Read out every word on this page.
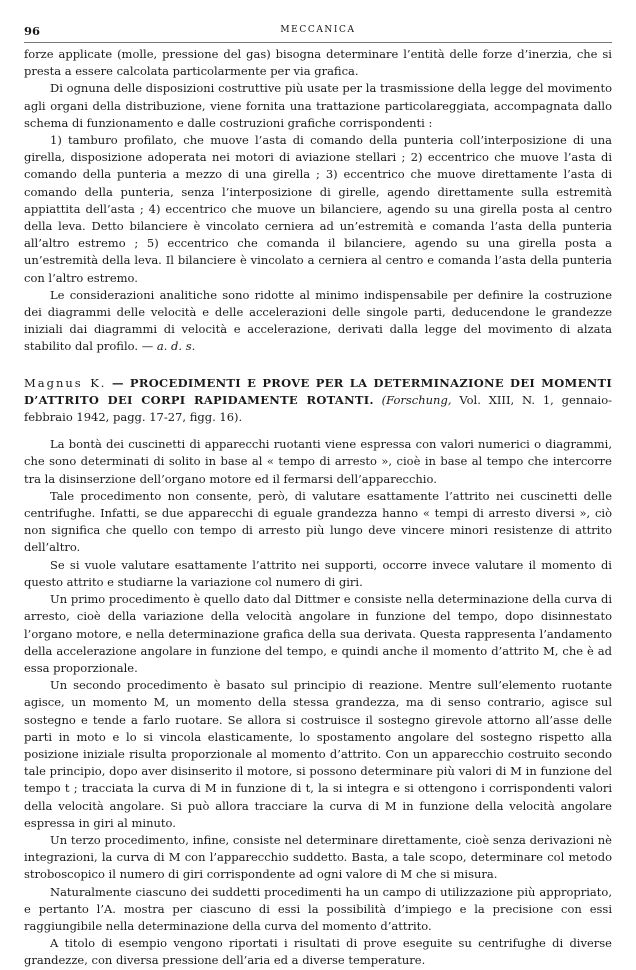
96	MECCANICA

forze applicate (molle, pressione del gas) bisogna determinare l’entità delle forze d’inerzia, che si presta a essere calcolata particolarmente per via grafica.

Di ognuna delle disposizioni costruttive più usate per la trasmissione della legge del movimento agli organi della distribuzione, viene fornita una trattazione particolareggiata, accompagnata dallo schema di funzionamento e dalle costruzioni grafiche corrispondenti :

1) tamburo profilato, che muove l’asta di comando della punteria coll’interposizione di una girella, disposizione adoperata nei motori di aviazione stellari ; 2) eccentrico che muove l’asta di comando della punteria a mezzo di una girella ; 3) eccentrico che muove direttamente l’asta di comando della punteria, senza l’interposizione di girelle, agendo direttamente sulla estremità appiattita dell’asta ; 4) eccentrico che muove un bilanciere, agendo su una girella posta al centro della leva. Detto bilanciere è vincolato cerniera ad un’estremità e comanda l’asta della punteria all’altro estremo ; 5) eccentrico che comanda il bilanciere, agendo su una girella posta a un’estremità della leva. Il bilanciere è vincolato a cerniera al centro e comanda l’asta della punteria con l’altro estremo.

Le considerazioni analitiche sono ridotte al minimo indispensabile per definire la costruzione dei diagrammi delle velocità e delle accelerazioni delle singole parti, deducendone le grandezze iniziali dai diagrammi di velocità e accelerazione, derivati dalla legge del movimento di alzata stabilito dal profilo. — a. d. s.

Magnus K. — PROCEDIMENTI E PROVE PER LA DETERMINAZIONE DEI MOMENTI D’ATTRITO DEI CORPI RAPIDAMENTE ROTANTI. (Forschung, Vol. XIII, N. 1, gennaio-febbraio 1942, pagg. 17-27, figg. 16).

La bontà dei cuscinetti di apparecchi ruotanti viene espressa con valori numerici o diagrammi, che sono determinati di solito in base al « tempo di arresto », cioè in base al tempo che intercorre tra la disinserzione dell’organo motore ed il fermarsi dell’apparecchio.

Tale procedimento non consente, però, di valutare esattamente l’attrito nei cuscinetti delle centrifughe. Infatti, se due apparecchi di eguale grandezza hanno « tempi di arresto diversi », ciò non significa che quello con tempo di arresto più lungo deve vincere minori resistenze di attrito dell’altro.

Se si vuole valutare esattamente l’attrito nei supporti, occorre invece valutare il momento di questo attrito e studiarne la variazione col numero di giri.

Un primo procedimento è quello dato dal Dittmer e consiste nella determinazione della curva di arresto, cioè della variazione della velocità angolare in funzione del tempo, dopo disinnestato l’organo motore, e nella determinazione grafica della sua derivata. Questa rappresenta l’andamento della accelerazione angolare in funzione del tempo, e quindi anche il momento d’attrito M, che è ad essa proporzionale.

Un secondo procedimento è basato sul principio di reazione. Mentre sull’elemento ruotante agisce, un momento M, un momento della stessa grandezza, ma di senso contrario, agisce sul sostegno e tende a farlo ruotare. Se allora si costruisce il sostegno girevole attorno all’asse delle parti in moto e lo si vincola elasticamente, lo spostamento angolare del sostegno rispetto alla posizione iniziale risulta proporzionale al momento d’attrito. Con un apparecchio costruito secondo tale principio, dopo aver disinserito il motore, si possono determinare più valori di M in funzione del tempo t ; tracciata la curva di M in funzione di t, la si integra e si ottengono i corrispondenti valori della velocità angolare. Si può allora tracciare la curva di M in funzione della velocità angolare espressa in giri al minuto.

Un terzo procedimento, infine, consiste nel determinare direttamente, cioè senza derivazioni nè integrazioni, la curva di M con l’apparecchio suddetto. Basta, a tale scopo, determinare col metodo stroboscopico il numero di giri corrispondente ad ogni valore di M che si misura.

Naturalmente ciascuno dei suddetti procedimenti ha un campo di utilizzazione più appropriato, e pertanto l’A. mostra per ciascuno di essi la possibilità d’impiego e la precisione con essi raggiungibile nella determinazione della curva del momento d’attrito.

A titolo di esempio vengono riportati i risultati di prove eseguite su centrifughe di diverse grandezze, con diversa pressione dell’aria ed a diverse temperature.
